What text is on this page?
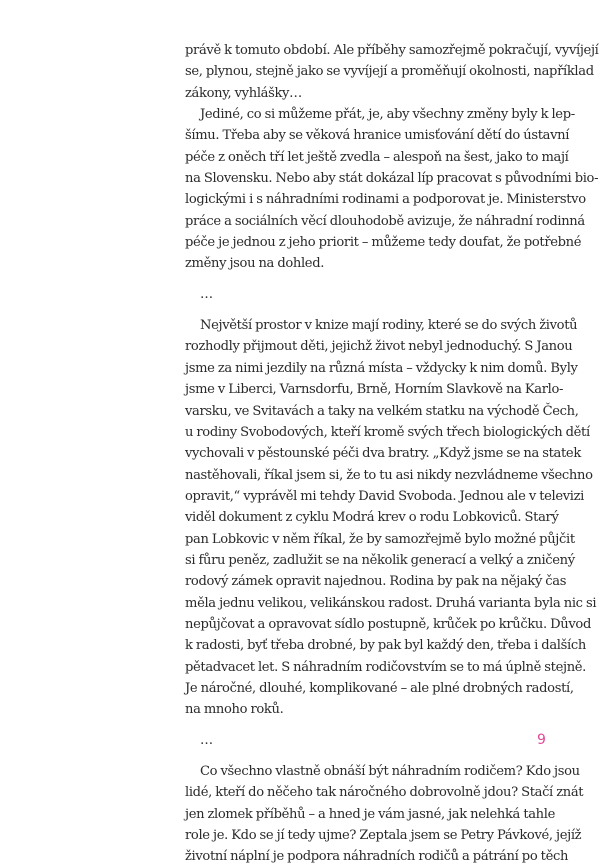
právě k tomuto období. Ale příběhy samozřejmě pokračují, vyvíjejí
se, plynou, stejně jako se vyvíjejí a proměňují okolnosti, například
zákony, vyhlášky…
Jediné, co si můžeme přát, je, aby všechny změny byly k lep-
šímu. Třeba aby se věková hranice umisťování dětí do ústavní
péče z oněch tří let ještě zvedla – alespoň na šest, jako to mají
na Slovensku. Nebo aby stát dokázal líp pracovat s původními bio-
logickými i s náhradními rodinami a podporovat je. Ministerstvo
práce a sociálních věcí dlouhodobě avizuje, že náhradní rodinná
péče je jednou z jeho priorit – můžeme tedy doufat, že potřebné
změny jsou na dohled.

…

Největší prostor v knize mají rodiny, které se do svých životů
rozhodly přijmout děti, jejichž život nebyl jednoduchý. S Janou
jsme za nimi jezdily na různá místa – vždycky k nim domů. Byly
jsme v Liberci, Varnsdorfu, Brně, Horním Slavkově na Karlo-
varsku, ve Svitavách a taky na velkém statku na východě Čech,
u rodiny Svobodových, kteří kromě svých třech biologických dětí
vychovali v pěstounské péči dva bratry. „Když jsme se na statek
nastěhovali, říkal jsem si, že to tu asi nikdy nezvládneme všechno
opravit,“ vyprávěl mi tehdy David Svoboda. Jednou ale v televizi
viděl dokument z cyklu Modrá krev o rodu Lobkoviců. Starý
pan Lobkovic v něm říkal, že by samozřejmě bylo možné půjčit
si fůru peněz, zadlužit se na několik generací a velký a zničený
rodový zámek opravit najednou. Rodina by pak na nějaký čas
měla jednu velikou, velikánskou radost. Druhá varianta byla nic si
nepůjčovat a opravovat sídlo postupně, krůček po krůčku. Důvod
k radosti, byť třeba drobné, by pak byl každý den, třeba i dalších
pětadvacet let. S náhradním rodičovstvím se to má úplně stejně.
Je náročné, dlouhé, komplikované – ale plné drobných radostí,
na mnoho roků.

…

Co všechno vlastně obnáší být náhradním rodičem? Kdo jsou
lidé, kteří do něčeho tak náročného dobrovolně jdou? Stačí znát
jen zlomek příběhů – a hned je vám jasné, jak nelehká tahle
role je. Kdo se jí tedy ujme? Zeptala jsem se Petry Pávkové, jejíž
životní náplní je podpora náhradních rodičů a pátrání po těch
9
